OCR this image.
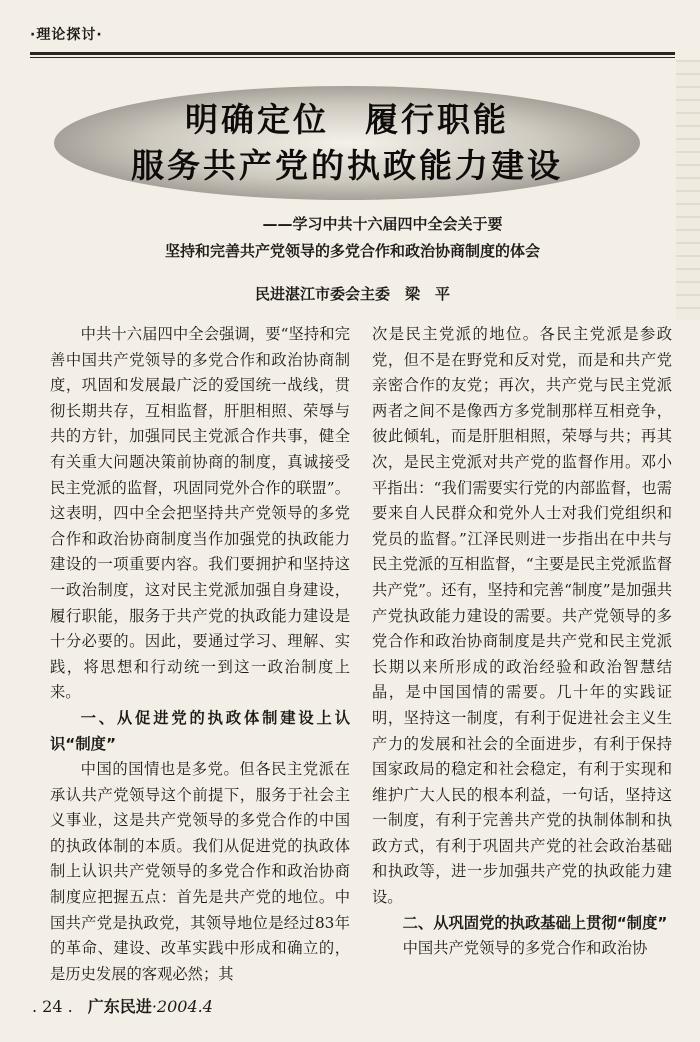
·理论探讨·
明确定位　履行职能
服务共产党的执政能力建设
——学习中共十六届四中全会关于要
坚持和完善共产党领导的多党合作和政治协商制度的体会
民进湛江市委会主委　梁　平

中共十六届四中全会强调，要“坚持和完善中国共产党领导的多党合作和政治协商制度，巩固和发展最广泛的爱国统一战线，贯彻长期共存，互相监督，肝胆相照、荣辱与共的方针，加强同民主党派合作共事，健全有关重大问题决策前协商的制度，真诚接受民主党派的监督，巩固同党外合作的联盟”。这表明，四中全会把坚持共产党领导的多党合作和政治协商制度当作加强党的执政能力建设的一项重要内容。我们要拥护和坚持这一政治制度，这对民主党派加强自身建设，履行职能，服务于共产党的执政能力建设是十分必要的。因此，要通过学习、理解、实践，将思想和行动统一到这一政治制度上来。

一、从促进党的执政体制建设上认识“制度”

中国的国情也是多党。但各民主党派在承认共产党领导这个前提下，服务于社会主义事业，这是共产党领导的多党合作的中国的执政体制的本质。我们从促进党的执政体制上认识共产党领导的多党合作和政治协商制度应把握五点：首先是共产党的地位。中国共产党是执政党，其领导地位是经过83年的革命、建设、改革实践中形成和确立的，是历史发展的客观必然；其

次是民主党派的地位。各民主党派是参政党，但不是在野党和反对党，而是和共产党亲密合作的友党；再次，共产党与民主党派两者之间不是像西方多党制那样互相竞争，彼此倾轧，而是肝胆相照，荣辱与共；再其次，是民主党派对共产党的监督作用。邓小平指出：“我们需要实行党的内部监督，也需要来自人民群众和党外人士对我们党组织和党员的监督。”江泽民则进一步指出在中共与民主党派的互相监督，“主要是民主党派监督共产党”。还有，坚持和完善“制度”是加强共产党执政能力建设的需要。共产党领导的多党合作和政治协商制度是共产党和民主党派长期以来所形成的政治经验和政治智慧结晶，是中国国情的需要。几十年的实践证明，坚持这一制度，有利于促进社会主义生产力的发展和社会的全面进步，有利于保持国家政局的稳定和社会稳定，有利于实现和维护广大人民的根本利益，一句话，坚持这一制度，有利于完善共产党的执制体制和执政方式，有利于巩固共产党的社会政治基础和执政等，进一步加强共产党的执政能力建设。

二、从巩固党的执政基础上贯彻“制度”

中国共产党领导的多党合作和政治协

. 24 . 广东民进·2004.4
